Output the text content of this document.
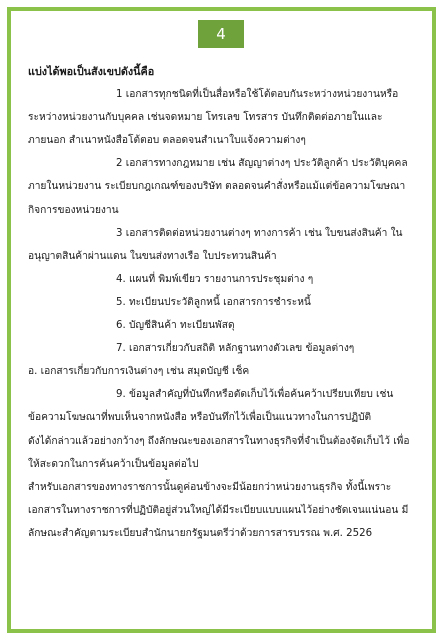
4

แบ่งได้พอเป็นสังเขปดังนี้คือ

1 เอกสารทุกชนิดที่เป็นสื่อหรือใช้โต้ตอบกันระหว่างหน่วยงานหรือระหว่างหน่วยงานกับบุคคล เช่นจดหมาย โทรเลข โทรสาร บันทึกติดต่อภายในและภายนอก สำเนาหนังสือโต้ตอบ ตลอดจนสำเนาใบแจ้งความต่างๆ

2 เอกสารทางกฎหมาย เช่น สัญญาต่างๆ ประวัติลูกค้า ประวัติบุคคลภายในหน่วยงาน ระเบียบกฎเกณฑ์ของบริษัท ตลอดจนคำสั่งหรือแม้แต่ข้อความโฆษณากิจการของหน่วยงาน

3 เอกสารติดต่อหน่วยงานต่างๆ ทางการค้า เช่น ใบขนส่งสินค้า ในอนุญาตสินค้าผ่านแดน ในขนส่งทางเรือ ใบประทวนสินค้า

4. แผนที่ พิมพ์เขียว รายงานการประชุมต่าง ๆ

5. ทะเบียนประวัติลูกหนี้ เอกสารการชำระหนี้

6. บัญชีสินค้า ทะเบียนพัสดุ

7. เอกสารเกี่ยวกับสถิติ หลักฐานทางตัวเลข ข้อมูลต่างๆ

อ. เอกสารเกี่ยวกับการเงินต่างๆ เช่น สมุดบัญชี เช็ค

9. ข้อมูลสำคัญที่บันทึกหรือตัดเก็บไว้เพื่อค้นคว้าเปรียบเทียบ เช่น ข้อความโฆษณาที่พบเห็นจากหนังสือ หรือบันทึกไว้เพื่อเป็นแนวทางในการปฏิบัติ

ดังได้กล่าวแล้วอย่างกว้างๆ ถึงลักษณะของเอกสารในทางธุรกิจที่จำเป็นต้องจัดเก็บไว้ เพื่อให้สะดวกในการค้นคว้าเป็นข้อมูลต่อไป

สำหรับเอกสารของทางราชการนั้นดูค่อนข้างจะมีน้อยกว่าหน่วยงานธุรกิจ ทั้งนี้เพราะเอกสารในทางราชการที่ปฏิบัติอยู่ส่วนใหญ่ได้มีระเบียบแบบแผนไว้อย่างชัดเจนแน่นอน มีลักษณะสำคัญตามระเบียบสำนักนายกรัฐมนตรีว่าด้วยการสารบรรณ พ.ศ. 2526
